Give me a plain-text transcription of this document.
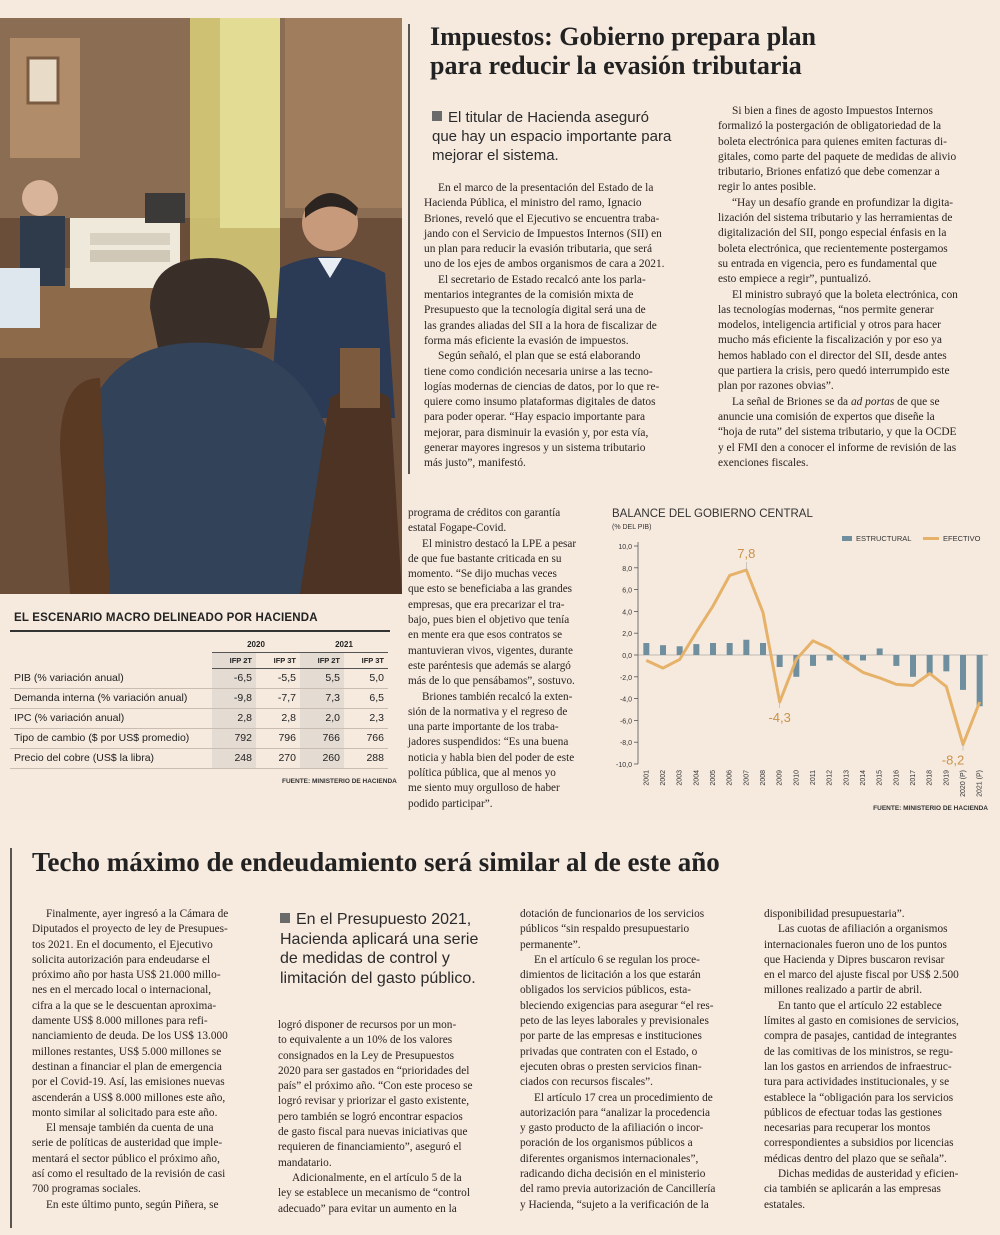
Impuestos: Gobierno prepara plan
para reducir la evasión tributaria
El titular de Hacienda aseguró
que hay un espacio importante para
mejorar el sistema.

En el marco de la presentación del Estado de la
Hacienda Pública, el ministro del ramo, Ignacio
Briones, reveló que el Ejecutivo se encuentra traba-
jando con el Servicio de Impuestos Internos (SII) en
un plan para reducir la evasión tributaria, que será
uno de los ejes de ambos organismos de cara a 2021.

El secretario de Estado recalcó ante los parla-
mentarios integrantes de la comisión mixta de
Presupuesto que la tecnología digital será una de
las grandes aliadas del SII a la hora de fiscalizar de
forma más eficiente la evasión de impuestos.

Según señaló, el plan que se está elaborando
tiene como condición necesaria unirse a las tecno-
logías modernas de ciencias de datos, por lo que re-
quiere como insumo plataformas digitales de datos
para poder operar. “Hay espacio importante para
mejorar, para disminuir la evasión y, por esta vía,
generar mayores ingresos y un sistema tributario
más justo”, manifestó.

Si bien a fines de agosto Impuestos Internos
formalizó la postergación de obligatoriedad de la
boleta electrónica para quienes emiten facturas di-
gitales, como parte del paquete de medidas de alivio
tributario, Briones enfatizó que debe comenzar a
regir lo antes posible.

“Hay un desafío grande en profundizar la digita-
lización del sistema tributario y las herramientas de
digitalización del SII, pongo especial énfasis en la
boleta electrónica, que recientemente postergamos
su entrada en vigencia, pero es fundamental que
esto empiece a regir”, puntualizó.

El ministro subrayó que la boleta electrónica, con
las tecnologías modernas, “nos permite generar
modelos, inteligencia artificial y otros para hacer
mucho más eficiente la fiscalización y por eso ya
hemos hablado con el director del SII, desde antes
que partiera la crisis, pero quedó interrumpido este
plan por razones obvias”.

La señal de Briones se da ad portas de que se
anuncie una comisión de expertos que diseñe la
“hoja de ruta” del sistema tributario, y que la OCDE
y el FMI den a conocer el informe de revisión de las
exenciones fiscales.

programa de créditos con garantía
estatal Fogape-Covid.

El ministro destacó la LPE a pesar
de que fue bastante criticada en su
momento. “Se dijo muchas veces
que esto se beneficiaba a las grandes
empresas, que era precarizar el tra-
bajo, pues bien el objetivo que tenía
en mente era que esos contratos se
mantuvieran vivos, vigentes, durante
este paréntesis que además se alargó
más de lo que pensábamos”, sostuvo.

Briones también recalcó la exten-
sión de la normativa y el regreso de
una parte importante de los traba-
jadores suspendidos: “Es una buena
noticia y habla bien del poder de este
política pública, que al menos yo
me siento muy orgulloso de haber
podido participar”.

EL ESCENARIO MACRO DELINEADO POR HACIENDA
	2020		2021	
	IFP 2T	IFP 3T	IFP 2T	IFP 3T
PIB (% variación anual)	-6,5	-5,5	5,5	5,0
Demanda interna (% variación anual)	-9,8	-7,7	7,3	6,5
IPC (% variación anual)	2,8	2,8	2,0	2,3
Tipo de cambio ($ por US$ promedio)	792	796	766	766
Precio del cobre (US$ la libra)	248	270	260	288
FUENTE: MINISTERIO DE HACIENDA
BALANCE DEL GOBIERNO CENTRAL
(% DEL PIB)
10,0
8,0
6,0
4,0
2,0
0,0
-2,0
-4,0
-6,0
-8,0
-10,0
2001 2002 2003 2004 2005 2006 2007 2008 2009 2010 2011 2012 2013 2014 2015 2016 2017 2018 2019 2020 (P) 2021 (P)
7,8
-4,3
-8,2
ESTRUCTURAL	EFECTIVO
FUENTE: MINISTERIO DE HACIENDA
Techo máximo de endeudamiento será similar al de este año

Finalmente, ayer ingresó a la Cámara de
Diputados el proyecto de ley de Presupues-
tos 2021. En el documento, el Ejecutivo
solicita autorización para endeudarse el
próximo año por hasta US$ 21.000 millo-
nes en el mercado local o internacional,
cifra a la que se le descuentan aproxima-
damente US$ 8.000 millones para refi-
nanciamiento de deuda. De los US$ 13.000
millones restantes, US$ 5.000 millones se
destinan a financiar el plan de emergencia
por el Covid-19. Así, las emisiones nuevas
ascenderán a US$ 8.000 millones este año,
monto similar al solicitado para este año.

El mensaje también da cuenta de una
serie de políticas de austeridad que imple-
mentará el sector público el próximo año,
así como el resultado de la revisión de casi
700 programas sociales.

En este último punto, según Piñera, se

En el Presupuesto 2021,
Hacienda aplicará una serie
de medidas de control y
limitación del gasto público.

logró disponer de recursos por un mon-
to equivalente a un 10% de los valores
consignados en la Ley de Presupuestos
2020 para ser gastados en “prioridades del
país” el próximo año. “Con este proceso se
logró revisar y priorizar el gasto existente,
pero también se logró encontrar espacios
de gasto fiscal para nuevas iniciativas que
requieren de financiamiento”, aseguró el
mandatario.

Adicionalmente, en el artículo 5 de la
ley se establece un mecanismo de “control
adecuado” para evitar un aumento en la

dotación de funcionarios de los servicios
públicos “sin respaldo presupuestario
permanente”.

En el artículo 6 se regulan los proce-
dimientos de licitación a los que estarán
obligados los servicios públicos, esta-
bleciendo exigencias para asegurar “el res-
peto de las leyes laborales y previsionales
por parte de las empresas e instituciones
privadas que contraten con el Estado, o
ejecuten obras o presten servicios finan-
ciados con recursos fiscales”.

El artículo 17 crea un procedimiento de
autorización para “analizar la procedencia
y gasto producto de la afiliación o incor-
poración de los organismos públicos a
diferentes organismos internacionales”,
radicando dicha decisión en el ministerio
del ramo previa autorización de Cancillería
y Hacienda, “sujeto a la verificación de la

disponibilidad presupuestaria”.

Las cuotas de afiliación a organismos
internacionales fueron uno de los puntos
que Hacienda y Dipres buscaron revisar
en el marco del ajuste fiscal por US$ 2.500
millones realizado a partir de abril.

En tanto que el artículo 22 establece
límites al gasto en comisiones de servicios,
compra de pasajes, cantidad de integrantes
de las comitivas de los ministros, se regu-
lan los gastos en arriendos de infraestruc-
tura para actividades institucionales, y se
establece la “obligación para los servicios
públicos de efectuar todas las gestiones
necesarias para recuperar los montos
correspondientes a subsidios por licencias
médicas dentro del plazo que se señala”.

Dichas medidas de austeridad y eficien-
cia también se aplicarán a las empresas
estatales.
